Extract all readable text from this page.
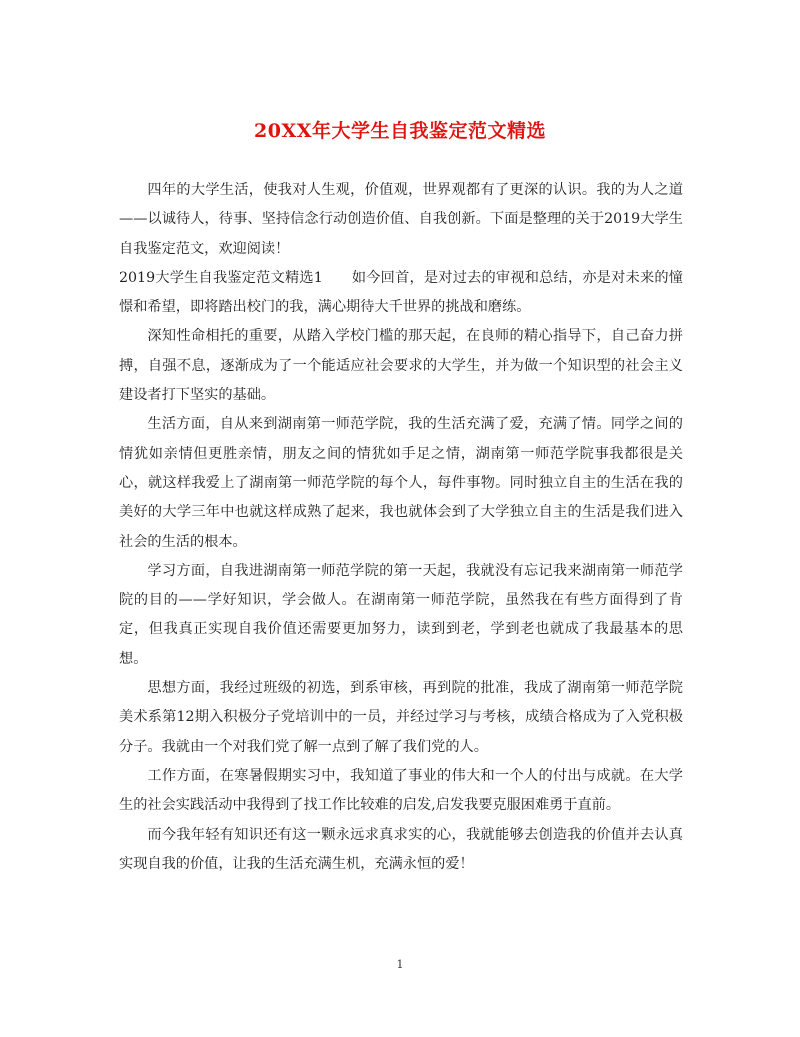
20XX年大学生自我鉴定范文精选

四年的大学生活，使我对人生观，价值观，世界观都有了更深的认识。我的为人之道——以诚待人，待事、坚持信念行动创造价值、自我创新。下面是整理的关于2019大学生自我鉴定范文，欢迎阅读！

2019大学生自我鉴定范文精选1　　如今回首，是对过去的审视和总结，亦是对未来的憧憬和希望，即将踏出校门的我，满心期待大千世界的挑战和磨练。

深知性命相托的重要，从踏入学校门槛的那天起，在良师的精心指导下，自己奋力拼搏，自强不息，逐渐成为了一个能适应社会要求的大学生，并为做一个知识型的社会主义建设者打下坚实的基础。

生活方面，自从来到湖南第一师范学院，我的生活充满了爱，充满了情。同学之间的情犹如亲情但更胜亲情，朋友之间的情犹如手足之情，湖南第一师范学院事我都很是关心，就这样我爱上了湖南第一师范学院的每个人，每件事物。同时独立自主的生活在我的美好的大学三年中也就这样成熟了起来，我也就体会到了大学独立自主的生活是我们进入社会的生活的根本。

学习方面，自我进湖南第一师范学院的第一天起，我就没有忘记我来湖南第一师范学院的目的——学好知识，学会做人。在湖南第一师范学院，虽然我在有些方面得到了肯定，但我真正实现自我价值还需要更加努力，读到到老，学到老也就成了我最基本的思想。

思想方面，我经过班级的初选，到系审核，再到院的批准，我成了湖南第一师范学院美术系第12期入积极分子党培训中的一员，并经过学习与考核，成绩合格成为了入党积极分子。我就由一个对我们党了解一点到了解了我们党的人。

工作方面，在寒暑假期实习中，我知道了事业的伟大和一个人的付出与成就。在大学生的社会实践活动中我得到了找工作比较难的启发,启发我要克服困难勇于直前。

而今我年轻有知识还有这一颗永远求真求实的心，我就能够去创造我的价值并去认真实现自我的价值，让我的生活充满生机，充满永恒的爱！

1
